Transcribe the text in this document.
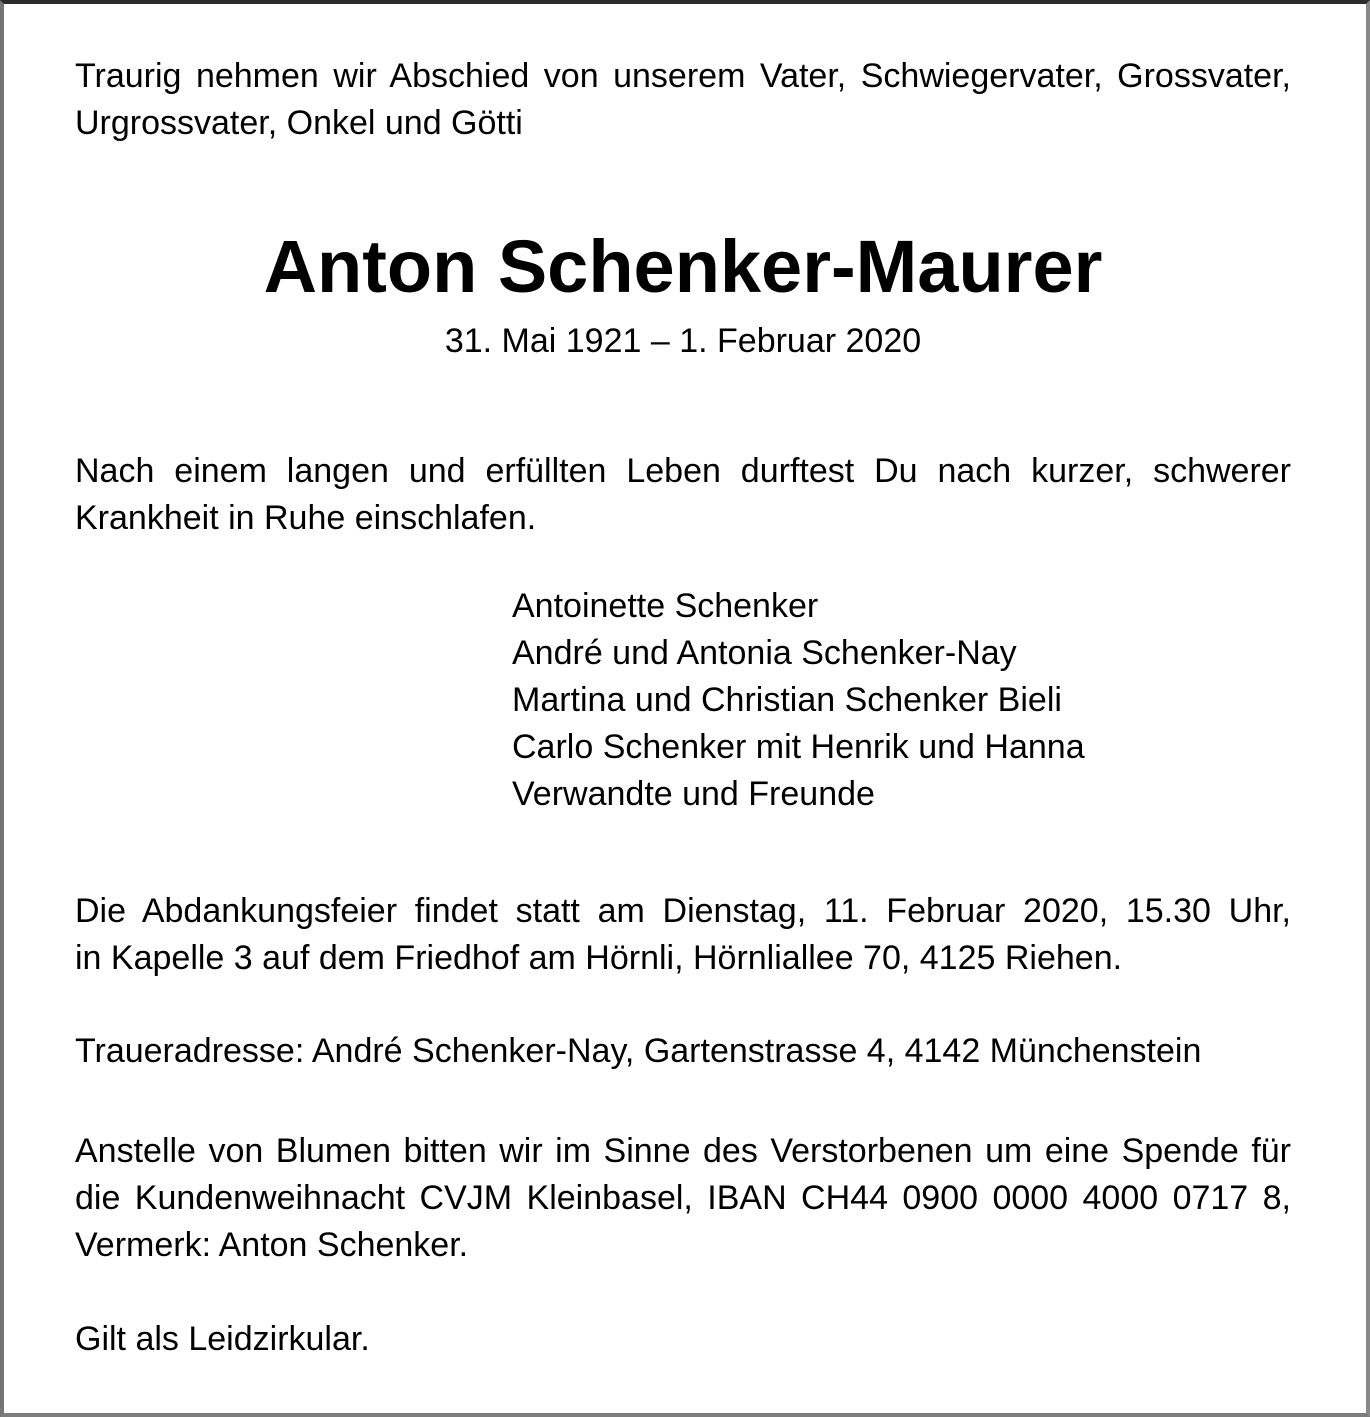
Traurig nehmen wir Abschied von unserem Vater, Schwiegervater, Grossvater,
Urgrossvater, Onkel und Götti
Anton Schenker-Maurer
31. Mai 1921 – 1. Februar 2020
Nach einem langen und erfüllten Leben durftest Du nach kurzer, schwerer
Krankheit in Ruhe einschlafen.
Antoinette Schenker
André und Antonia Schenker-Nay
Martina und Christian Schenker Bieli
Carlo Schenker mit Henrik und Hanna
Verwandte und Freunde
Die Abdankungsfeier findet statt am Dienstag, 11. Februar 2020, 15.30 Uhr,
in Kapelle 3 auf dem Friedhof am Hörnli, Hörnliallee 70, 4125 Riehen.
Traueradresse: André Schenker-Nay, Gartenstrasse 4, 4142 Münchenstein
Anstelle von Blumen bitten wir im Sinne des Verstorbenen um eine Spende für
die Kundenweihnacht CVJM Kleinbasel, IBAN CH44 0900 0000 4000 0717 8,
Vermerk: Anton Schenker.
Gilt als Leidzirkular.
